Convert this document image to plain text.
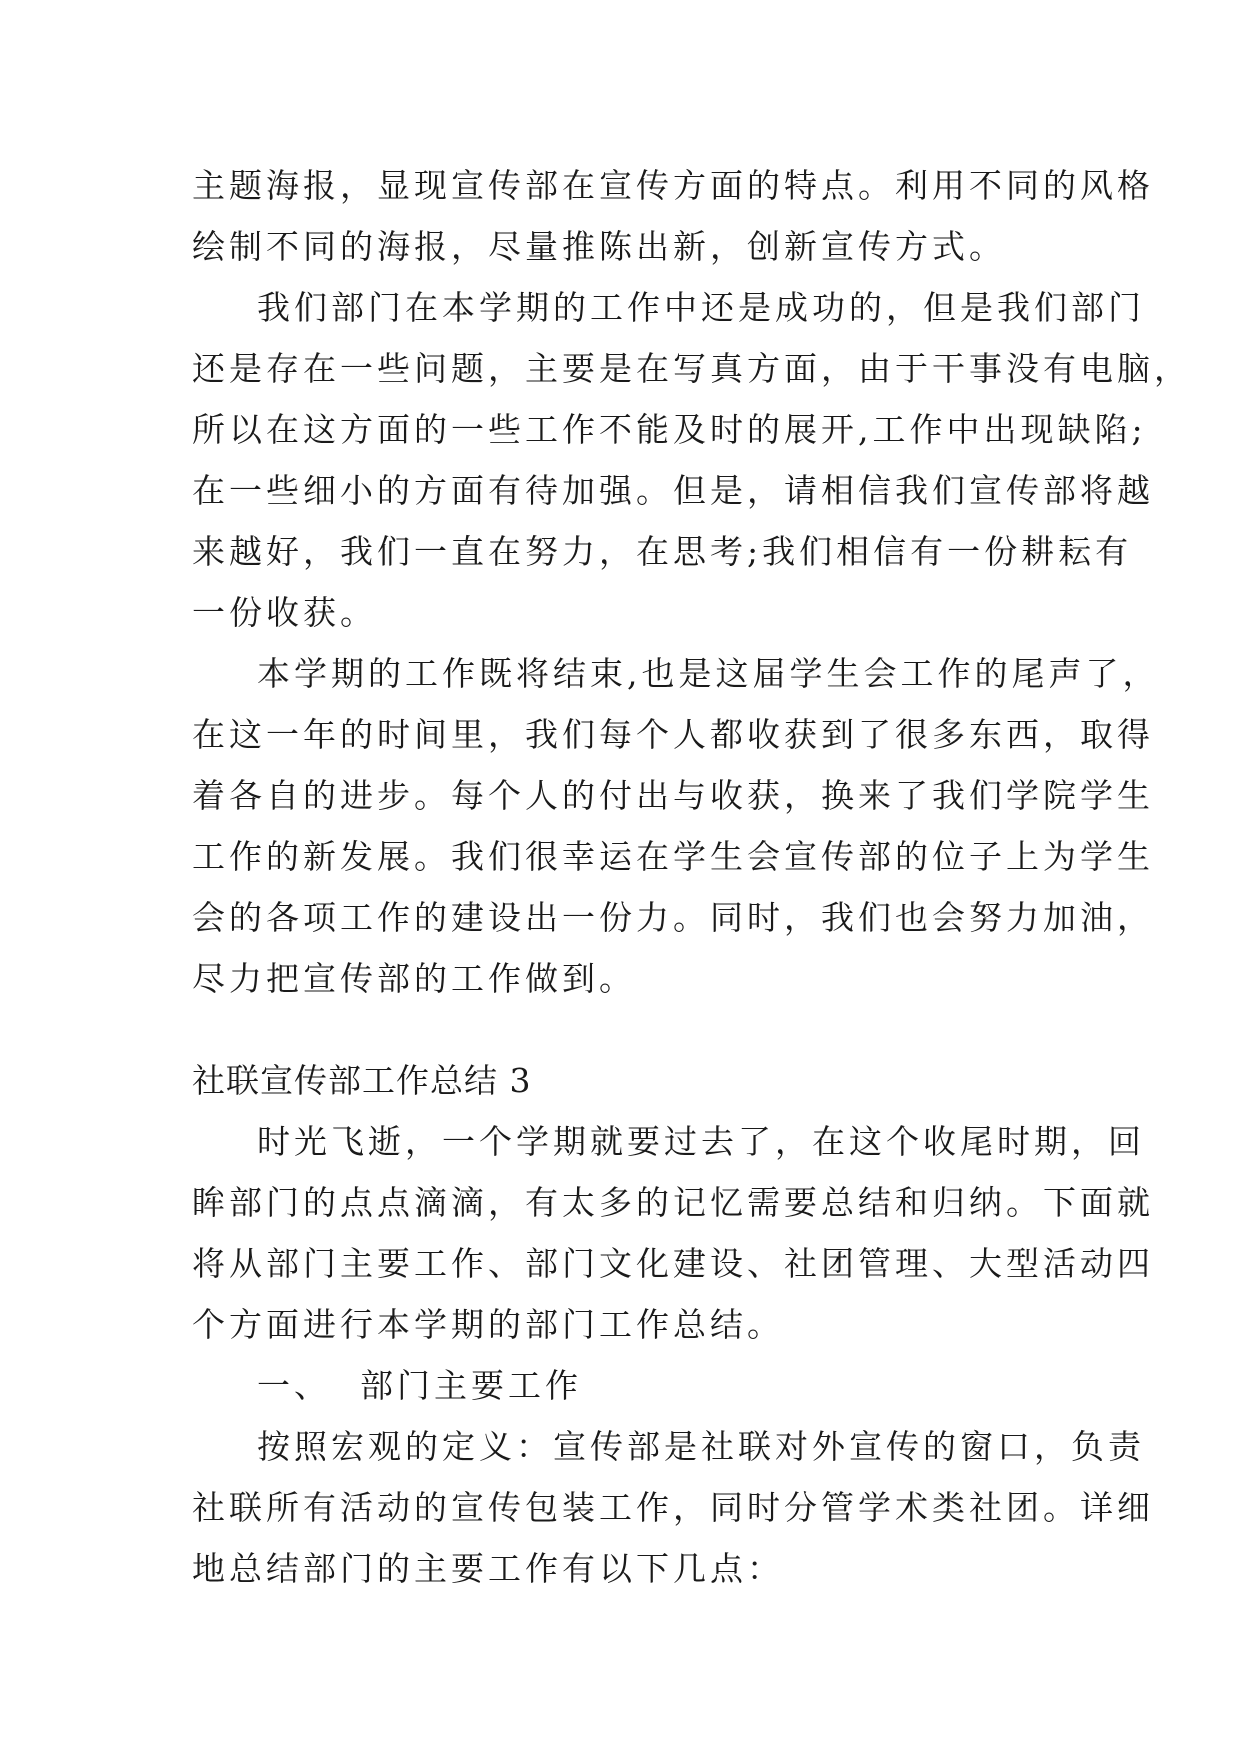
主题海报，显现宣传部在宣传方面的特点。利用不同的风格
绘制不同的海报，尽量推陈出新，创新宣传方式。
我们部门在本学期的工作中还是成功的，但是我们部门
还是存在一些问题，主要是在写真方面，由于干事没有电脑，
所以在这方面的一些工作不能及时的展开,工作中出现缺陷;
在一些细小的方面有待加强。但是，请相信我们宣传部将越
来越好，我们一直在努力，在思考;我们相信有一份耕耘有
一份收获。
本学期的工作既将结束,也是这届学生会工作的尾声了，
在这一年的时间里，我们每个人都收获到了很多东西，取得
着各自的进步。每个人的付出与收获，换来了我们学院学生
工作的新发展。我们很幸运在学生会宣传部的位子上为学生
会的各项工作的建设出一份力。同时，我们也会努力加油，
尽力把宣传部的工作做到。
社联宣传部工作总结 3
时光飞逝，一个学期就要过去了，在这个收尾时期，回
眸部门的点点滴滴，有太多的记忆需要总结和归纳。下面就
将从部门主要工作、部门文化建设、社团管理、大型活动四
个方面进行本学期的部门工作总结。
一、  部门主要工作
按照宏观的定义：宣传部是社联对外宣传的窗口，负责
社联所有活动的宣传包装工作，同时分管学术类社团。详细
地总结部门的主要工作有以下几点：
